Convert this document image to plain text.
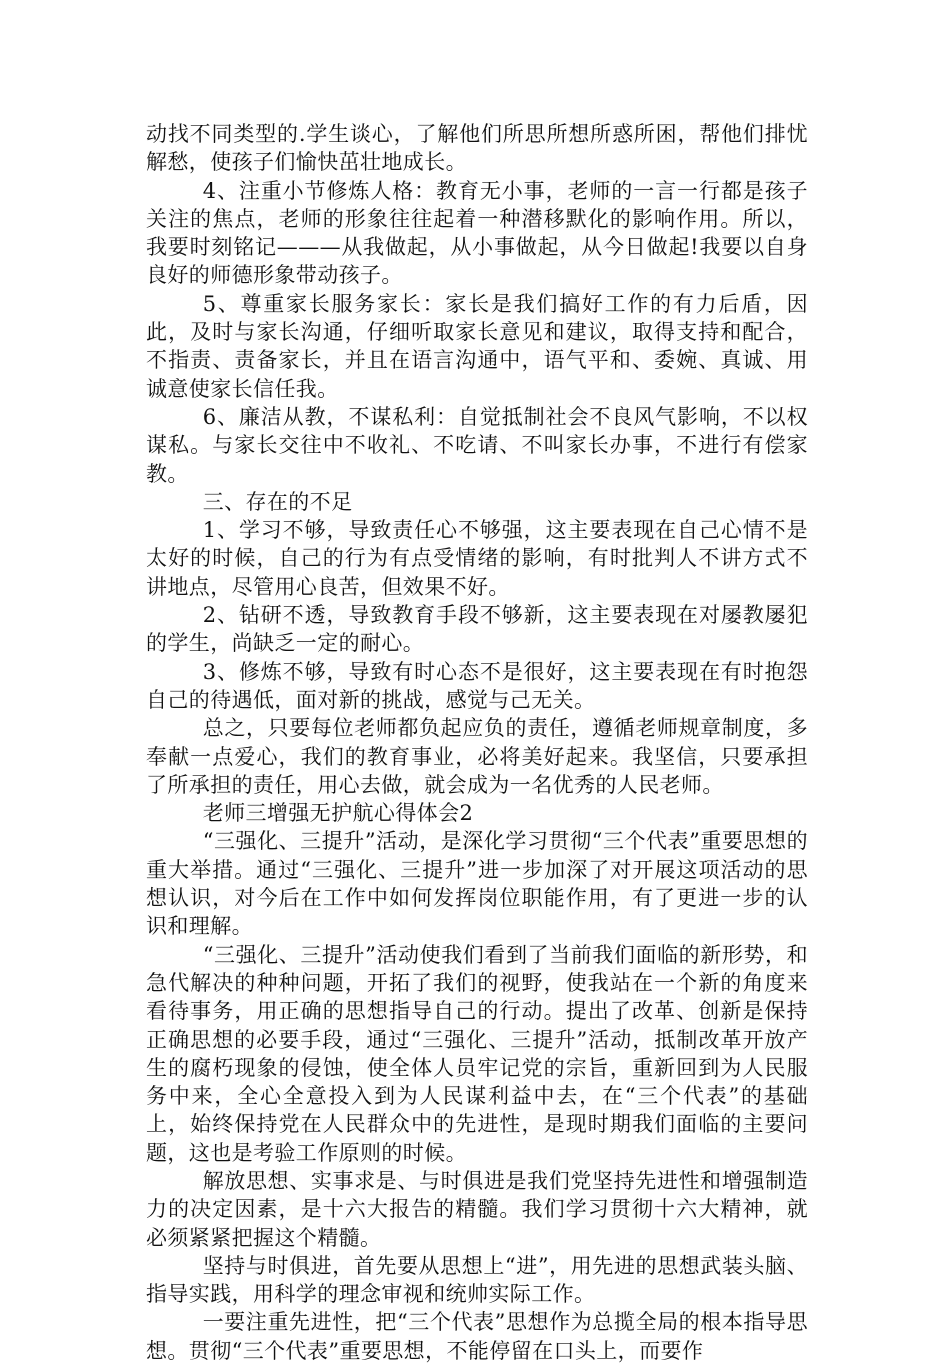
动找不同类型的.学生谈心，了解他们所思所想所惑所困，帮他们排忧解愁，使孩子们愉快茁壮地成长。

4、注重小节修炼人格：教育无小事，老师的一言一行都是孩子关注的焦点，老师的形象往往起着一种潜移默化的影响作用。所以，我要时刻铭记———从我做起，从小事做起，从今日做起!我要以自身良好的师德形象带动孩子。

5、尊重家长服务家长：家长是我们搞好工作的有力后盾，因此，及时与家长沟通，仔细听取家长意见和建议，取得支持和配合，不指责、责备家长，并且在语言沟通中，语气平和、委婉、真诚、用诚意使家长信任我。

6、廉洁从教，不谋私利：自觉抵制社会不良风气影响，不以权谋私。与家长交往中不收礼、不吃请、不叫家长办事，不进行有偿家教。

三、存在的不足

1、学习不够，导致责任心不够强，这主要表现在自己心情不是太好的时候，自己的行为有点受情绪的影响，有时批判人不讲方式不讲地点，尽管用心良苦，但效果不好。

2、钻研不透，导致教育手段不够新，这主要表现在对屡教屡犯的学生，尚缺乏一定的耐心。

3、修炼不够，导致有时心态不是很好，这主要表现在有时抱怨自己的待遇低，面对新的挑战，感觉与己无关。

总之，只要每位老师都负起应负的责任，遵循老师规章制度，多奉献一点爱心，我们的教育事业，必将美好起来。我坚信，只要承担了所承担的责任，用心去做，就会成为一名优秀的人民老师。

老师三增强无护航心得体会2

“三强化、三提升”活动，是深化学习贯彻“三个代表”重要思想的重大举措。通过“三强化、三提升”进一步加深了对开展这项活动的思想认识，对今后在工作中如何发挥岗位职能作用，有了更进一步的认识和理解。

“三强化、三提升”活动使我们看到了当前我们面临的新形势，和急代解决的种种问题，开拓了我们的视野，使我站在一个新的角度来看待事务，用正确的思想指导自己的行动。提出了改革、创新是保持正确思想的必要手段，通过“三强化、三提升”活动，抵制改革开放产生的腐朽现象的侵蚀，使全体人员牢记党的宗旨，重新回到为人民服务中来，全心全意投入到为人民谋利益中去，在“三个代表”的基础上，始终保持党在人民群众中的先进性，是现时期我们面临的主要问题，这也是考验工作原则的时候。

解放思想、实事求是、与时俱进是我们党坚持先进性和增强制造力的决定因素，是十六大报告的精髓。我们学习贯彻十六大精神，就必须紧紧把握这个精髓。

坚持与时俱进，首先要从思想上“进”，用先进的思想武装头脑、指导实践，用科学的理念审视和统帅实际工作。

一要注重先进性，把“三个代表”思想作为总揽全局的根本指导思想。贯彻“三个代表”重要思想，不能停留在口头上，而要作
